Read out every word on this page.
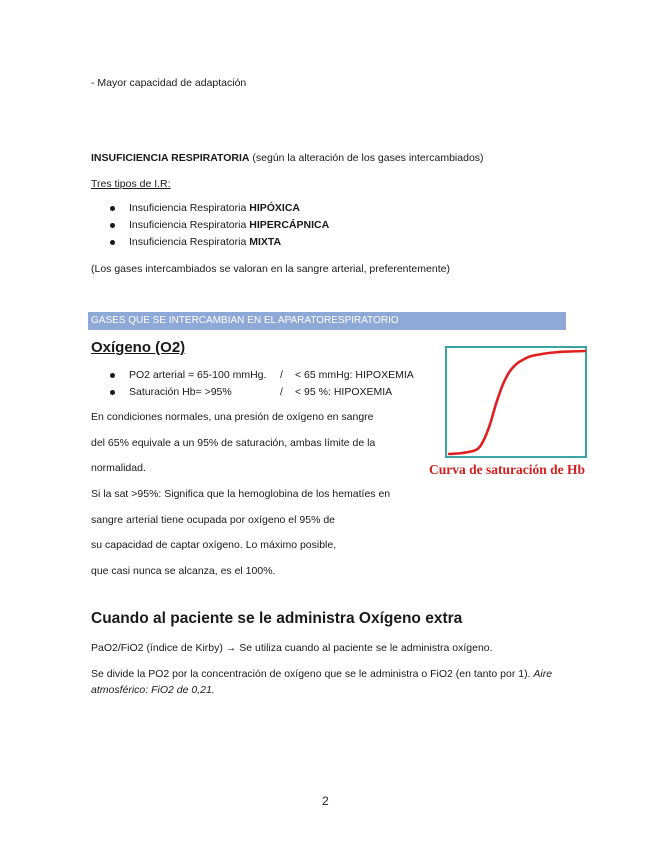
- Mayor capacidad de adaptación
INSUFICIENCIA RESPIRATORIA (según la alteración de los gases intercambiados)
Tres tipos de I.R:
Insuficiencia Respiratoria HIPÓXICA
Insuficiencia Respiratoria HIPERCÁPNICA
Insuficiencia Respiratoria MIXTA
(Los gases intercambiados se valoran en la sangre arterial, preferentemente)
GASES QUE SE INTERCAMBIAN EN EL APARATORESPIRATORIO
Oxígeno (O2)
PO2 arterial = 65-100 mmHg. / < 65 mmHg: HIPOXEMIA
Saturación Hb= >95%	/ < 95 %: HIPOXEMIA
En condiciones normales, una presión de oxígeno en sangre
del 65% equivale a un 95% de saturación, ambas límite de la
normalidad.
Si la sat >95%: Significa que la hemoglobina de los hematíes en
sangre arterial tiene ocupada por oxígeno el 95% de
su capacidad de captar oxígeno. Lo máximo posible,
que casi nunca se alcanza, es el 100%.
Curva de saturación de Hb
Cuando al paciente se le administra Oxígeno extra
PaO2/FiO2 (índice de Kirby) → Se utiliza cuando al paciente se le administra oxígeno.
Se divide la PO2 por la concentración de oxígeno que se le administra o FiO2 (en tanto por 1). Aire
atmosférico: FiO2 de 0,21.
2
